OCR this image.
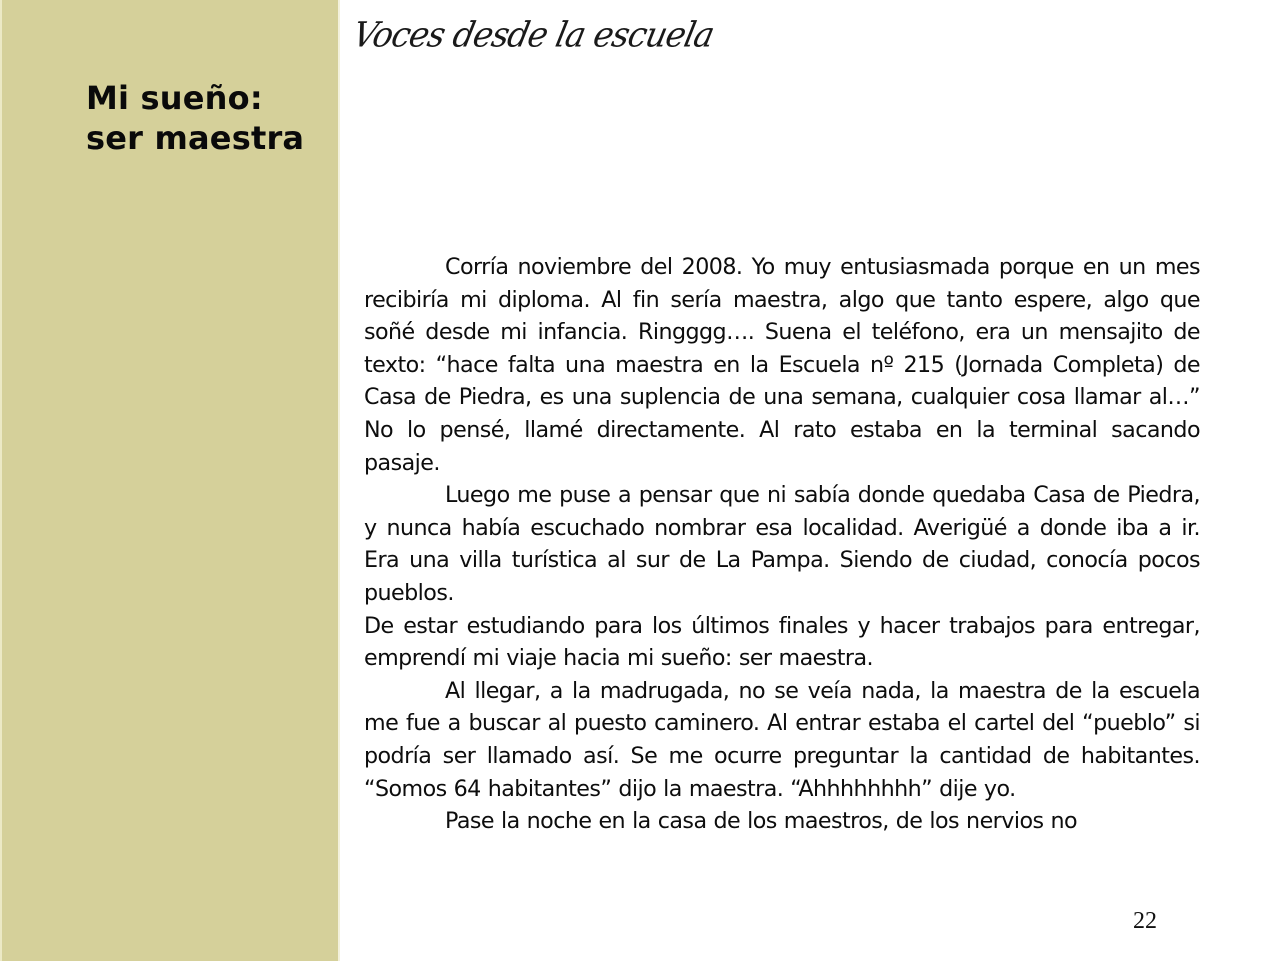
Mi sueño:
ser maestra
Voces desde la escuela

Corría noviembre del 2008. Yo muy entusiasmada porque en un mes recibiría mi diploma. Al fin sería maestra, algo que tanto espere, algo que soñé desde mi infancia. Ringggg…. Suena el teléfono, era un mensajito de texto: “hace falta una maestra en la Escuela nº 215 (Jornada Completa) de Casa de Piedra, es una suplencia de una semana, cualquier cosa llamar al…” No lo pensé, llamé directamente. Al rato estaba en la terminal sacando pasaje.

Luego me puse a pensar que ni sabía donde quedaba Casa de Piedra, y nunca había escuchado nombrar esa localidad. Averigüé a donde iba a ir. Era una villa turística al sur de La Pampa. Siendo de ciudad, conocía pocos pueblos.

De estar estudiando para los últimos finales y hacer trabajos para entregar, emprendí mi viaje hacia mi sueño: ser maestra.

Al llegar, a la madrugada, no se veía nada, la maestra de la escuela me fue a buscar al puesto caminero. Al entrar estaba el cartel del “pueblo” si podría ser llamado así. Se me ocurre preguntar la cantidad de habitantes. “Somos 64 habitantes” dijo la maestra. “Ahhhhhhhh” dije yo.

Pase la noche en la casa de los maestros, de los nervios no

22
